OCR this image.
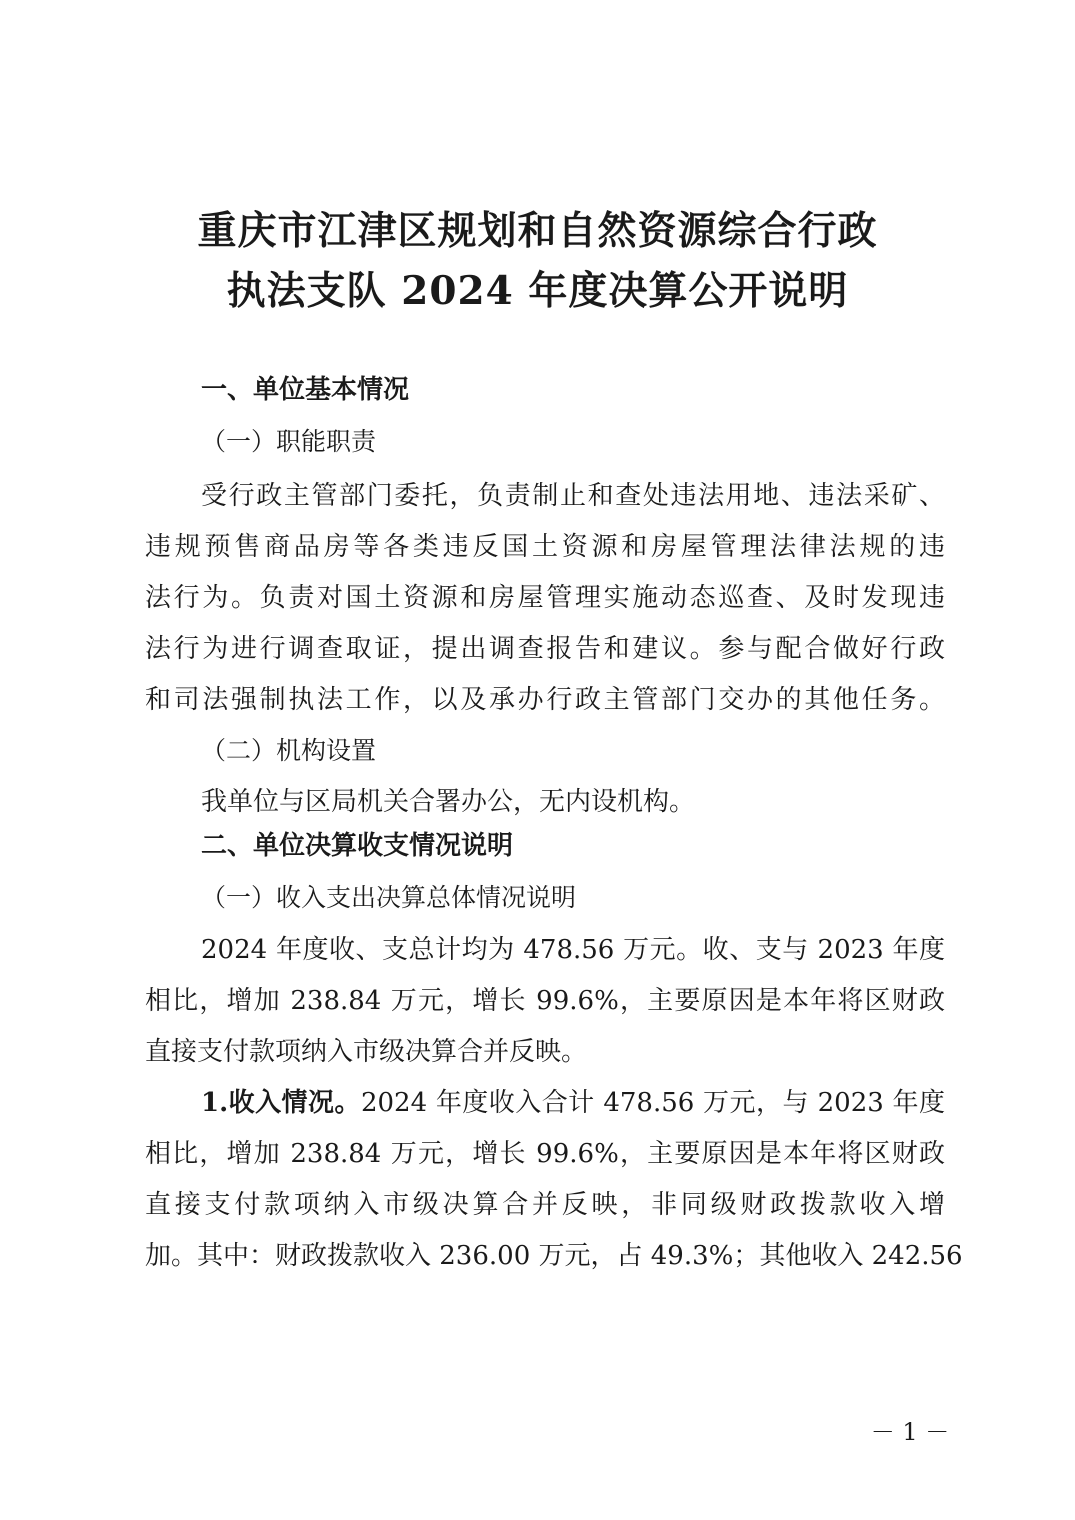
重庆市江津区规划和自然资源综合行政
执法支队 2024 年度决算公开说明
一、单位基本情况
（一）职能职责
受行政主管部门委托，负责制止和查处违法用地、违法采矿、
违规预售商品房等各类违反国土资源和房屋管理法律法规的违
法行为。负责对国土资源和房屋管理实施动态巡查、及时发现违
法行为进行调查取证，提出调查报告和建议。参与配合做好行政
和司法强制执法工作，以及承办行政主管部门交办的其他任务。
（二）机构设置
我单位与区局机关合署办公，无内设机构。
二、单位决算收支情况说明
（一）收入支出决算总体情况说明
2024 年度收、支总计均为 478.56 万元。收、支与 2023 年度
相比，增加 238.84 万元，增长 99.6%，主要原因是本年将区财政
直接支付款项纳入市级决算合并反映。
1.收入情况。2024 年度收入合计 478.56 万元，与 2023 年度
相比，增加 238.84 万元，增长 99.6%，主要原因是本年将区财政
直接支付款项纳入市级决算合并反映，非同级财政拨款收入增
加。其中：财政拨款收入 236.00 万元，占 49.3%；其他收入 242.56
－ 1 －
